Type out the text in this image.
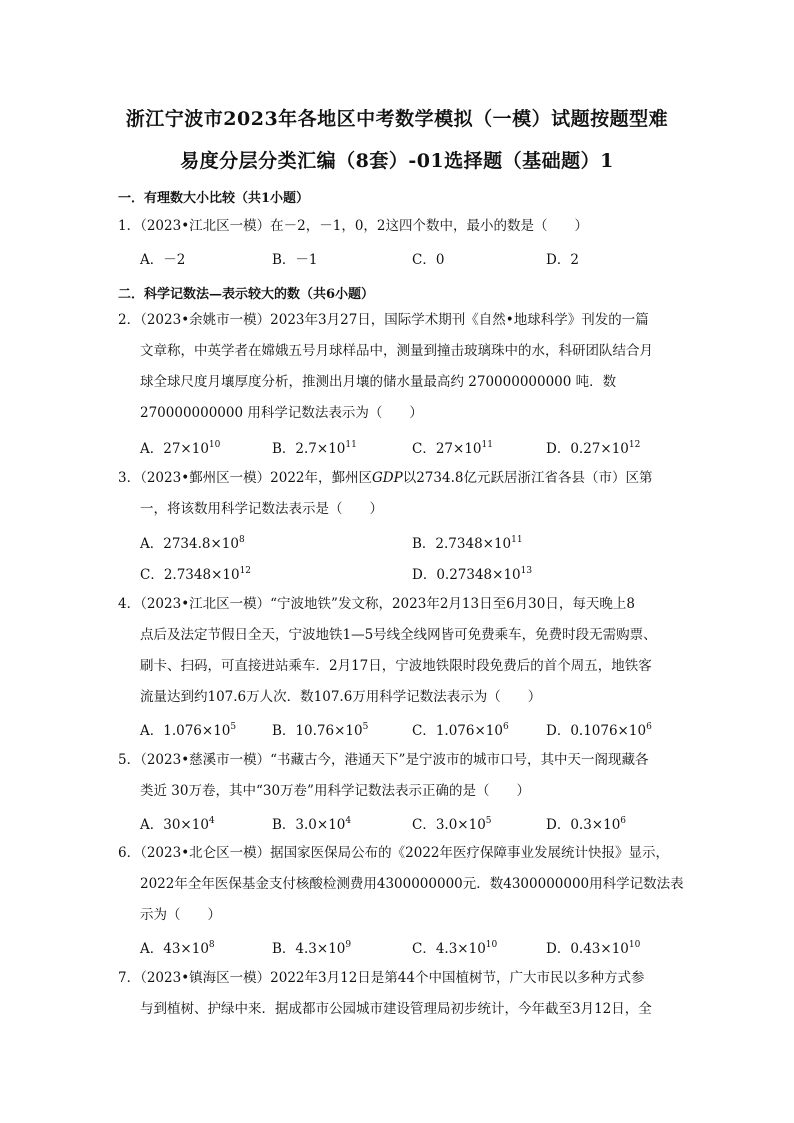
浙江宁波市2023年各地区中考数学模拟（一模）试题按题型难
易度分层分类汇编（8套）-01选择题（基础题）1
一．有理数大小比较（共1小题）
1．（2023•江北区一模）在－2，－1，0，2这四个数中，最小的数是（　　）
A．－2	B．－1	C．0	D．2
二．科学记数法—表示较大的数（共6小题）
2．（2023•余姚市一模）2023年3月27日，国际学术期刊《自然•地球科学》刊发的一篇
文章称，中英学者在嫦娥五号月球样品中，测量到撞击玻璃珠中的水，科研团队结合月
球全球尺度月壤厚度分析，推测出月壤的储水量最高约 270000000000 吨．数
270000000000 用科学记数法表示为（　　）
A．$27\times 10^{10}$	B．$2.7\times 10^{11}$	C．$27\times 10^{11}$	D．$0.27\times 10^{12}$
3．（2023•鄞州区一模）2022年，鄞州区GDP以2734.8亿元跃居浙江省各县（市）区第
一，将该数用科学记数法表示是（　　）
A．$2734.8\times 10^8$	B．$2.7348\times 10^{11}$
C．$2.7348\times 10^{12}$	D．$0.27348\times 10^{13}$
4．（2023•江北区一模）“宁波地铁”发文称，2023年2月13日至6月30日，每天晚上8
点后及法定节假日全天，宁波地铁1—5号线全线网皆可免费乘车，免费时段无需购票、
刷卡、扫码，可直接进站乘车．2月17日，宁波地铁限时段免费后的首个周五，地铁客
流量达到约107.6万人次．数107.6万用科学记数法表示为（　　）
A．$1.076\times 10^5$	B．$10.76\times 10^5$	C．$1.076\times 10^6$	D．$0.1076\times 10^6$
5．（2023•慈溪市一模）“书藏古今，港通天下”是宁波市的城市口号，其中天一阁现藏各
类近 30万卷，其中“30万卷”用科学记数法表示正确的是（　　）
A．$30\times 10^4$	B．$3.0\times 10^4$	C．$3.0\times 10^5$	D．$0.3\times 10^6$
6．（2023•北仑区一模）据国家医保局公布的《2022年医疗保障事业发展统计快报》显示，
2022年全年医保基金支付核酸检测费用4300000000元．数4300000000用科学记数法表
示为（　　）
A．$43\times 10^8$	B．$4.3\times 10^9$	C．$4.3\times 10^{10}$	D．$0.43\times 10^{10}$
7．（2023•镇海区一模）2022年3月12日是第44个中国植树节，广大市民以多种方式参
与到植树、护绿中来．据成都市公园城市建设管理局初步统计，今年截至3月12日，全
